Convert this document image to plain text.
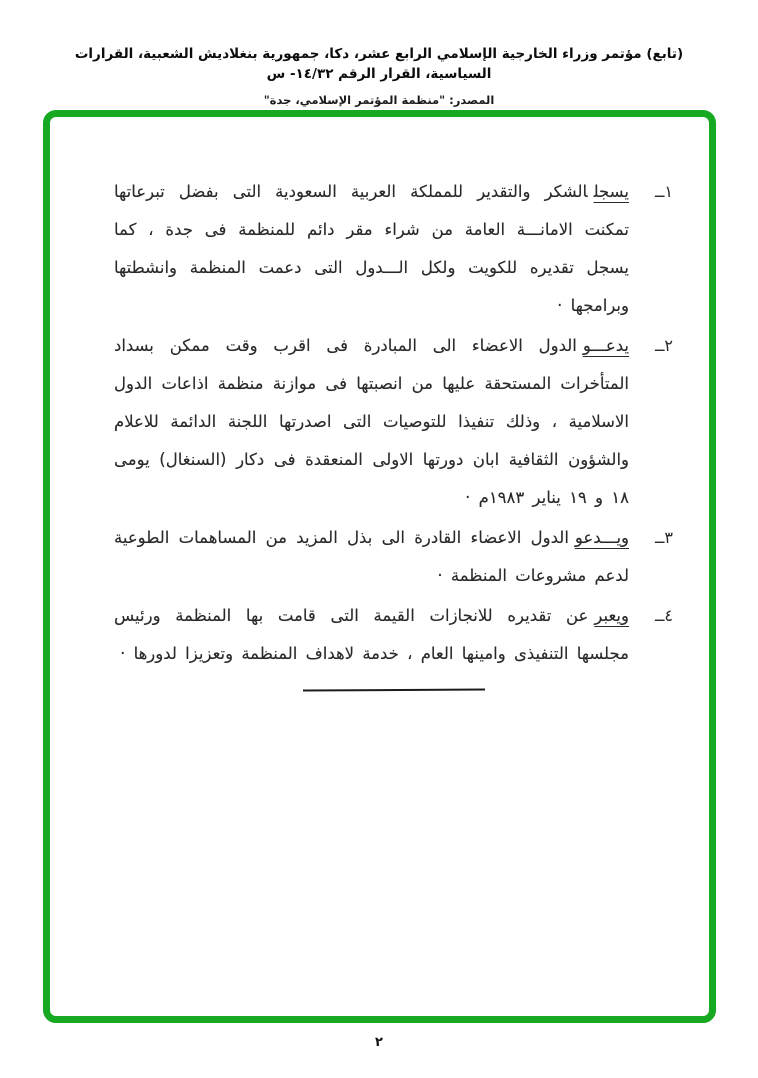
(تابع) مؤتمر وزراء الخارجية الإسلامي الرابع عشر، دكا، جمهورية بنغلاديش الشعبية، القرارات السياسية، القرار الرقم ١٤/٣٢- س
المصدر: "منظمة المؤتمر الإسلامي، جدة"
١ــ
يسجلالشكر والتقدير للمملكة العربية السعودية التى بفضل تبرعاتها تمكنت الامانـــة العامة من شراء مقر دائم للمنظمة فى جدة ، كما يسجل تقديره للكويت ولكل الـــدول التى دعمت المنظمة وانشطتها وبرامجها ·
٢ــ
يدعـــوالدول الاعضاء الى المبادرة فى اقرب وقت ممكن بسداد المتأخرات المستحقة عليها من انصبتها فى موازنة منظمة اذاعات الدول الاسلامية ، وذلك تنفيذا للتوصيات التى اصدرتها اللجنة الدائمة للاعلام والشؤون الثقافية ابان دورتها الاولى المنعقدة فى دكار (السنغال) يومى ١٨ و ١٩ يناير ١٩٨٣م ·
٣ــ
ويـــدعوالدول الاعضاء القادرة الى بذل المزيد من المساهمات الطوعية لدعم مشروعات المنظمة ·
٤ــ
ويعبرعن تقديره للانجازات القيمة التى قامت بها المنظمة ورئيس مجلسها التنفيذى وامينها العام ، خدمة لاهداف المنظمة وتعزيزا لدورها ·
٢
